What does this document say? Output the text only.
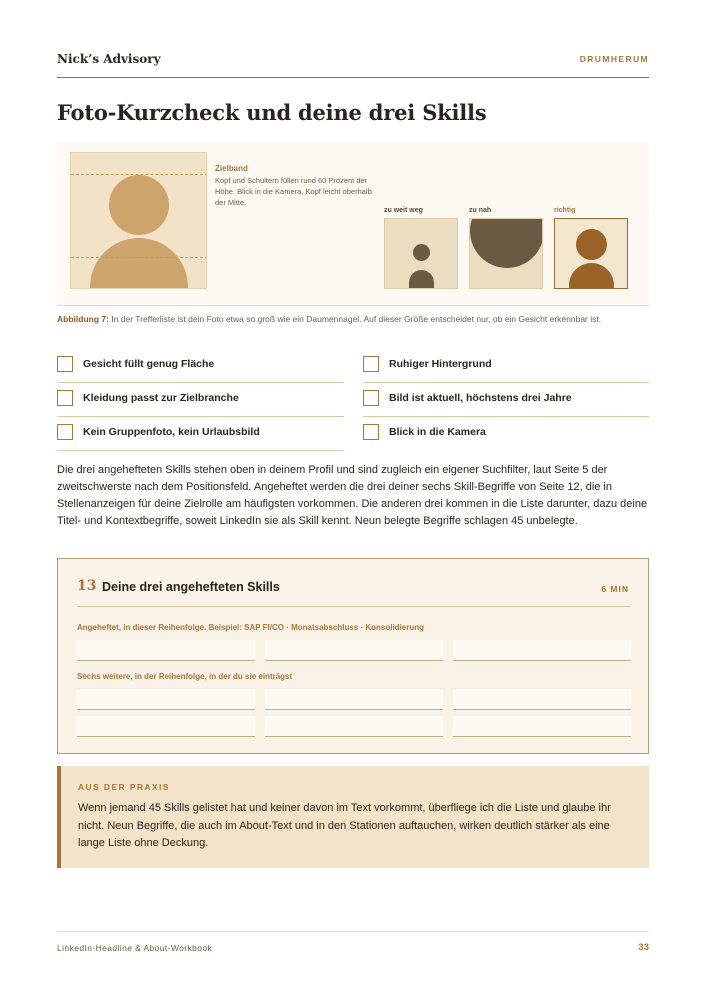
Nick’s Advisory	DRUMHERUM
Foto-Kurzcheck und deine drei Skills
Zielband
Kopf und Schultern füllen rund 60 Prozent der Höhe. Blick in die Kamera, Kopf leicht oberhalb der Mitte.
zu weit weg	zu nah	richtig

Abbildung 7: In der Trefferliste ist dein Foto etwa so groß wie ein Daumennagel. Auf dieser Größe entscheidet nur, ob ein Gesicht erkennbar ist.

Gesicht füllt genug Fläche	Ruhiger Hintergrund
Kleidung passt zur Zielbranche	Bild ist aktuell, höchstens drei Jahre
Kein Gruppenfoto, kein Urlaubsbild	Blick in die Kamera

Die drei angehefteten Skills stehen oben in deinem Profil und sind zugleich ein eigener Suchfilter, laut Seite 5 der zweitschwerste nach dem Positionsfeld. Angeheftet werden die drei deiner sechs Skill-Begriffe von Seite 12, die in Stellenanzeigen für deine Zielrolle am häufigsten vorkommen. Die anderen drei kommen in die Liste darunter, dazu deine Titel- und Kontextbegriffe, soweit LinkedIn sie als Skill kennt. Neun belegte Begriffe schlagen 45 unbelegte.

13 Deine drei angehefteten Skills	6 MIN
Angeheftet, in dieser Reihenfolge. Beispiel: SAP FI/CO · Monatsabschluss · Konsolidierung
Sechs weitere, in der Reihenfolge, in der du sie einträgst
AUS DER PRAXIS

Wenn jemand 45 Skills gelistet hat und keiner davon im Text vorkommt, überfliege ich die Liste und glaube ihr nicht. Neun Begriffe, die auch im About-Text und in den Stationen auftauchen, wirken deutlich stärker als eine lange Liste ohne Deckung.

LinkedIn-Headline & About-Workbook	33
